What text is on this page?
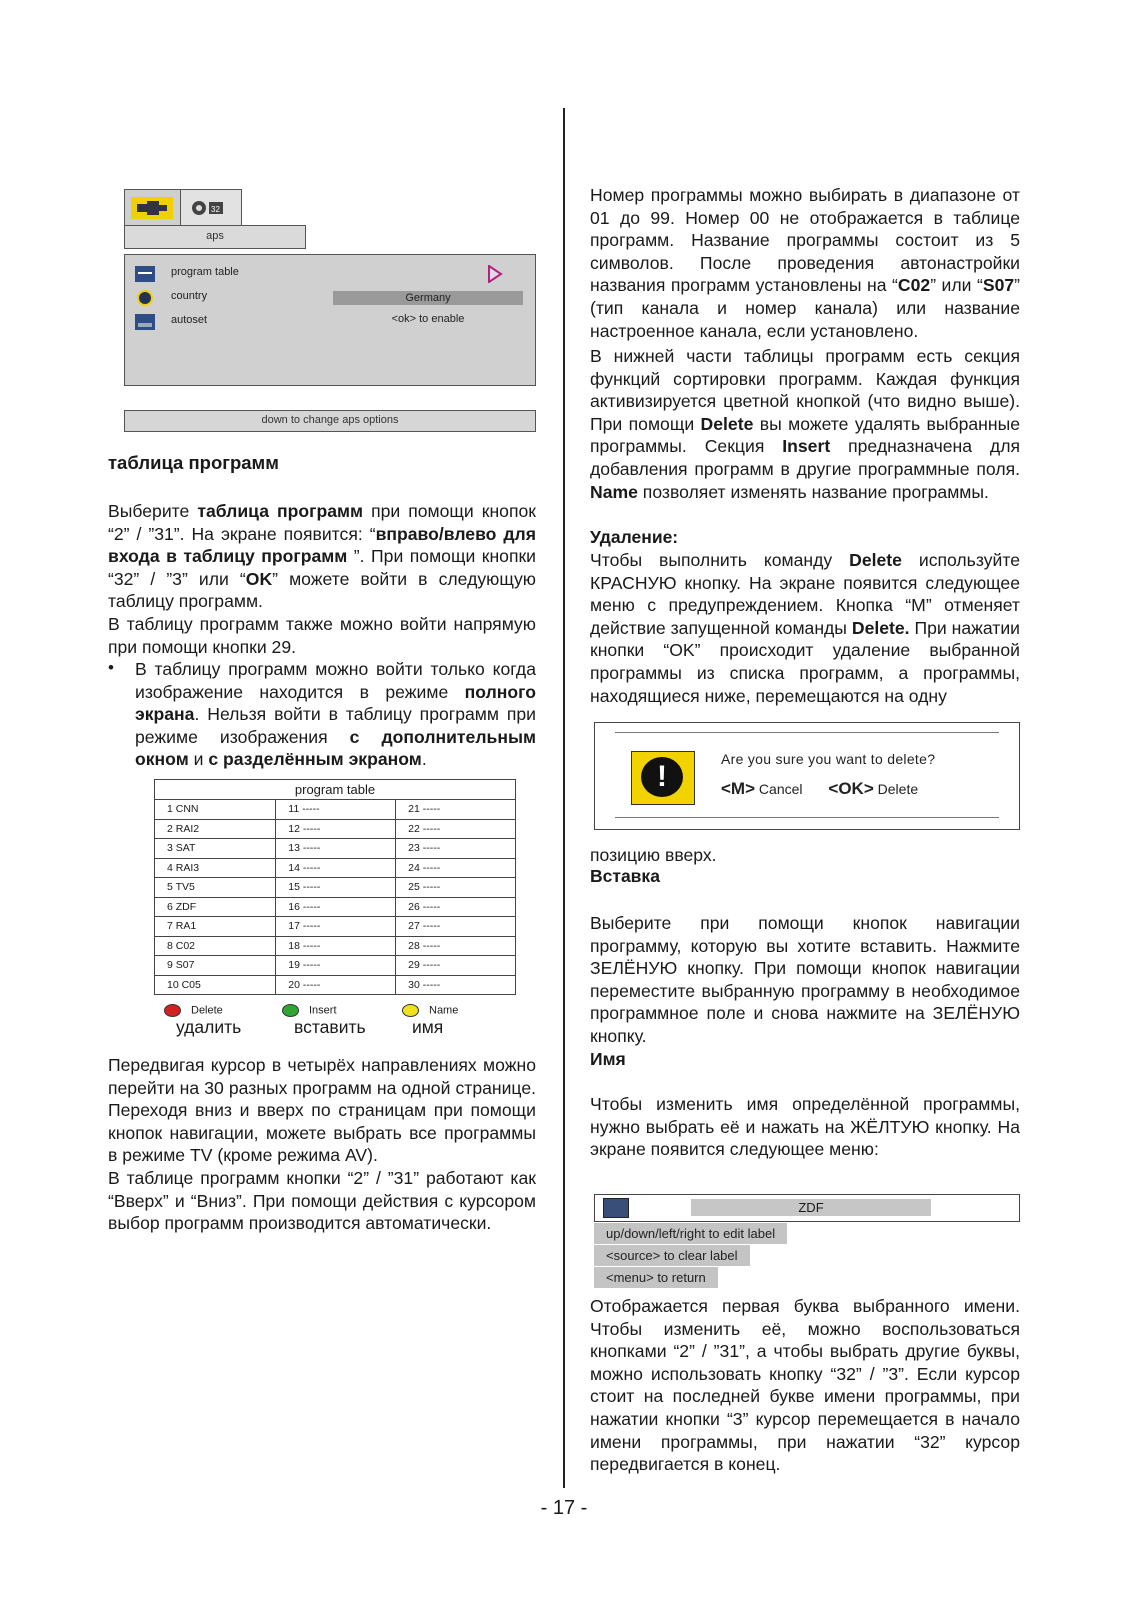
32
aps
program table
country	Germany
autoset	<ok> to enable
down to change aps options
таблица программ
Выберите таблица программ при помощи кнопок “2” / ”31”. На экране появится: “вправо/влево для входа в таблицу программ ”. При помощи кнопки “32” / ”3” или “OK” можете войти в следующую таблицу программ.
В таблицу программ также можно войти напрямую при помощи кнопки 29.
• В таблицу программ можно войти только когда изображение находится в режиме полного экрана. Нельзя войти в таблицу программ при режиме изображения с дополнительным окном и с разделённым экраном.
program table		
1 CNN	11 -----	21 -----
2 RAI2	12 -----	22 -----
3 SAT	13 -----	23 -----
4 RAI3	14 -----	24 -----
5 TV5	15 -----	25 -----
6 ZDF	16 -----	26 -----
7 RA1	17 -----	27 -----
8 C02	18 -----	28 -----
9 S07	19 -----	29 -----
10 C05	20 -----	30 -----
Delete	Insert	Name
удалить	вставить	имя
Передвигая курсор в четырёх направлениях можно перейти на 30 разных программ на одной странице. Переходя вниз и вверх по страницам при помощи кнопок навигации, можете выбрать все программы в режиме TV (кроме режима AV).
В таблице программ кнопки “2” / ”31” работают как “Вверх” и “Вниз”. При помощи действия с курсором выбор программ производится автоматически.
Номер программы можно выбирать в диапазоне от 01 до 99. Номер 00 не отображается в таблице программ. Название программы состоит из 5 символов. После проведения автонастройки названия программ установлены на “C02” или “S07” (тип канала и номер канала) или название настроенное канала, если установлено.
В нижней части таблицы программ есть секция функций сортировки программ. Каждая функция активизируется цветной кнопкой (что видно выше). При помощи Delete вы можете удалять выбранные программы. Секция Insert предназначена для добавления программ в другие программные поля. Name позволяет изменять название программы.
Удаление:
Чтобы выполнить команду Delete используйте КРАСНУЮ кнопку. На экране появится следующее меню с предупреждением. Кнопка “M” отменяет действие запущенной команды Delete. При нажатии кнопки “OK” происходит удаление выбранной программы из списка программ, а программы, находящиеся ниже, перемещаются на одну
!
Are you sure you want to delete?
<M> Cancel <OK> Delete
позицию вверх.
Вставка
Выберите при помощи кнопок навигации программу, которую вы хотите вставить. Нажмите ЗЕЛЁНУЮ кнопку. При помощи кнопок навигации переместите выбранную программу в необходимое программное поле и снова нажмите на ЗЕЛЁНУЮ кнопку.
Имя
Чтобы изменить имя определённой программы, нужно выбрать её и нажать на ЖЁЛТУЮ кнопку. На экране появится следующее меню:
ZDF
up/down/left/right to edit label
<source> to clear label
<menu> to return
Отображается первая буква выбранного имени. Чтобы изменить её, можно воспользоваться кнопками “2” / ”31”, а чтобы выбрать другие буквы, можно использовать кнопку “32” / ”3”. Если курсор стоит на последней букве имени программы, при нажатии кнопки “3” курсор перемещается в начало имени программы, при нажатии “32” курсор передвигается в конец.
- 17 -
